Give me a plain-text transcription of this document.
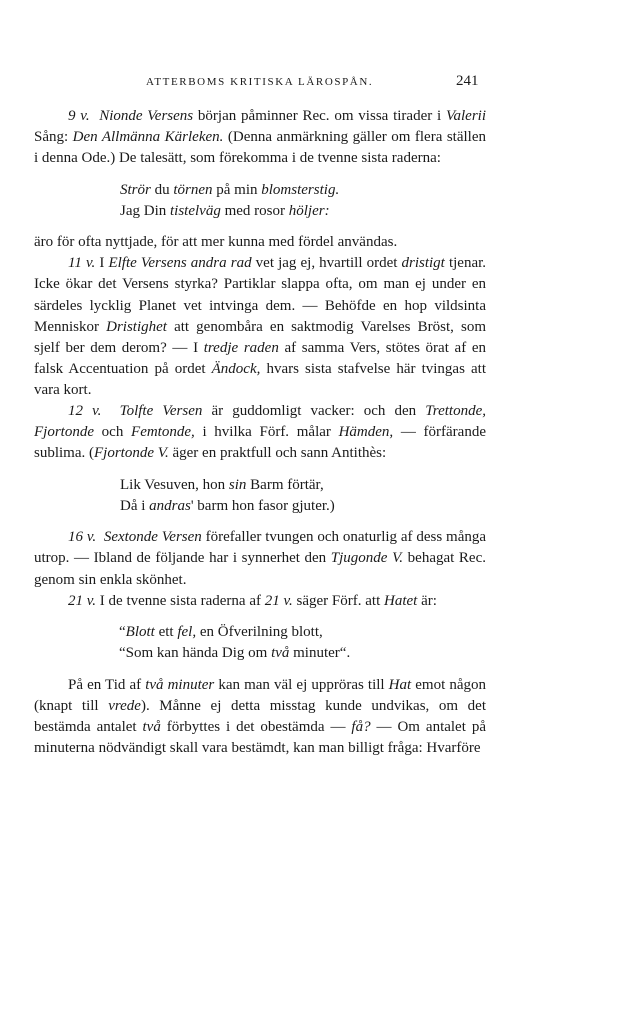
ATTERBOMS KRITISKA LÄROSPÅN.	241

9 v. Nionde Versens början påminner Rec. om vissa tirader i Valerii Sång: Den Allmänna Kärleken. (Denna anmärkning gäller om flera ställen i denna Ode.) De talesätt, som förekomma i de tvenne sista raderna:

Strör du törnen på min blomsterstig.
Jag Din tistelväg med rosor höljer:

äro för ofta nyttjade, för att mer kunna med fördel användas.

11 v. I Elfte Versens andra rad vet jag ej, hvartill ordet dristigt tjenar. Icke ökar det Versens styrka? Partiklar slappa ofta, om man ej under en särdeles lycklig Planet vet intvinga dem. — Behöfde en hop vildsinta Menniskor Dristighet att genombåra en saktmodig Varelses Bröst, som sjelf ber dem derom? — I tredje raden af samma Vers, stötes örat af en falsk Accentuation på ordet Ändock, hvars sista stafvelse här tvingas att vara kort.

12 v. Tolfte Versen är guddomligt vacker: och den Trettonde, Fjortonde och Femtonde, i hvilka Förf. målar Hämden, — förfärande sublima. (Fjortonde V. äger en praktfull och sann Antithès:

Lik Vesuven, hon sin Barm förtär,
Då i andras' barm hon fasor gjuter.)

16 v. Sextonde Versen förefaller tvungen och onaturlig af dess många utrop. — Ibland de följande har i synnerhet den Tjugonde V. behagat Rec. genom sin enkla skönhet.

21 v. I de tvenne sista raderna af 21 v. säger Förf. att Hatet är:

“Blott ett fel, en Öfverilning blott,
“Som kan hända Dig om två minuter“.

På en Tid af två minuter kan man väl ej uppröras till Hat emot någon (knapt till vrede). Månne ej detta misstag kunde undvikas, om det bestämda antalet två förbyttes i det obestämda — få? — Om antalet på minuterna nödvändigt skall vara bestämdt, kan man billigt fråga: Hvarföre
